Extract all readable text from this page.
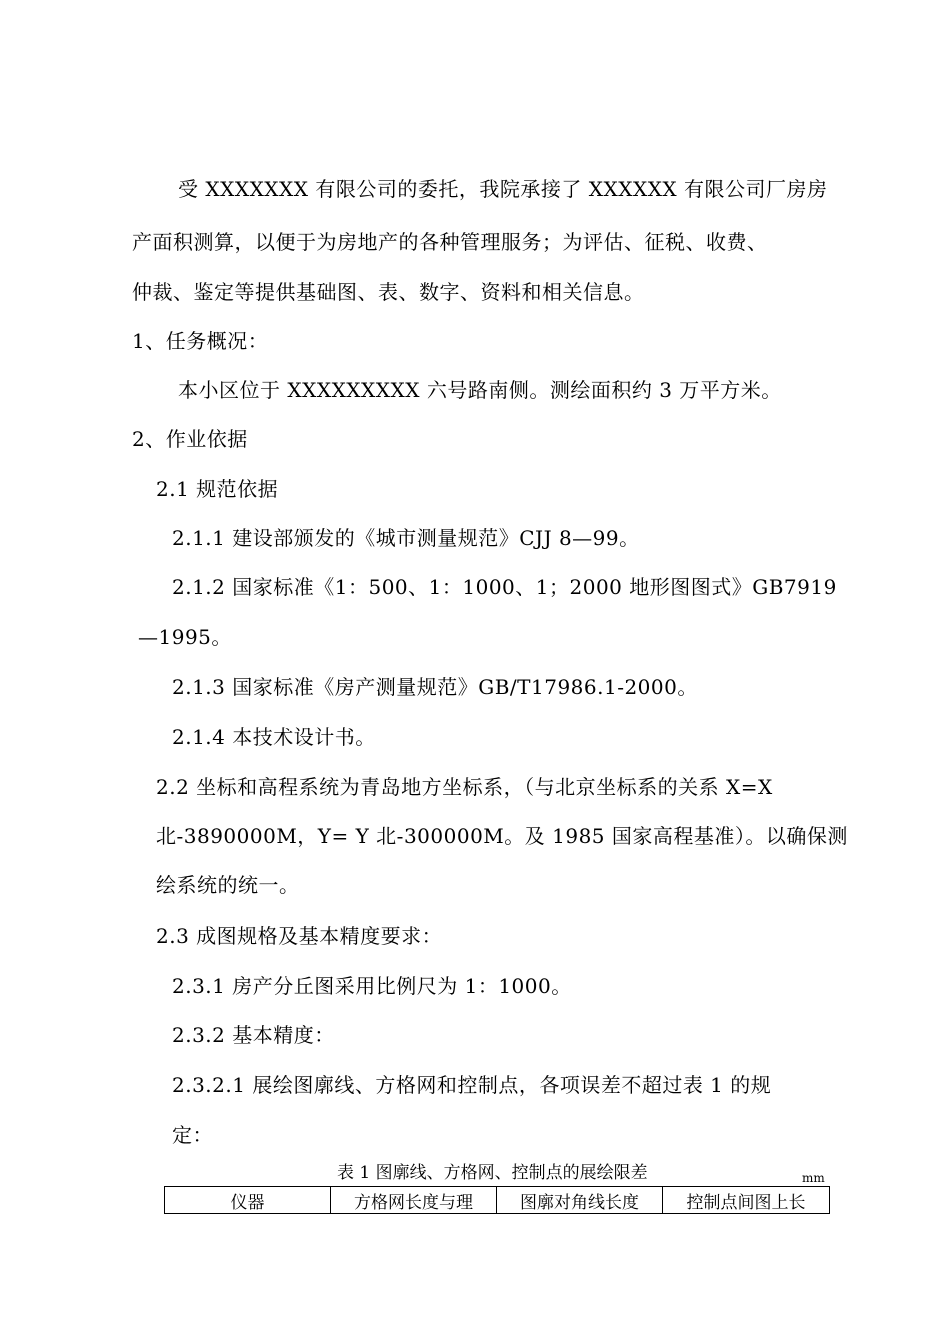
受 XXXXXXX 有限公司的委托，我院承接了 XXXXXX 有限公司厂房房
产面积测算，以便于为房地产的各种管理服务；为评估、征税、收费、
仲裁、鉴定等提供基础图、表、数字、资料和相关信息。
1、任务概况：
本小区位于 XXXXXXXXX 六号路南侧。测绘面积约 3 万平方米。
2、作业依据
2.1 规范依据
2.1.1 建设部颁发的《城市测量规范》CJJ 8—99。
2.1.2 国家标准《1：500、1：1000、1；2000 地形图图式》GB7919
—1995。
2.1.3 国家标准《房产测量规范》GB/T17986.1-2000。
2.1.4 本技术设计书。
2.2 坐标和高程系统为青岛地方坐标系，（与北京坐标系的关系 X=X
北-3890000M，Y= Y 北-300000M。及 1985 国家高程基准）。以确保测
绘系统的统一。
2.3 成图规格及基本精度要求：
2.3.1 房产分丘图采用比例尺为 1：1000。
2.3.2 基本精度：
2.3.2.1 展绘图廓线、方格网和控制点，各项误差不超过表 1 的规
定：
表 1 图廓线、方格网、控制点的展绘限差	mm
仪器	方格网长度与理	图廓对角线长度	控制点间图上长
